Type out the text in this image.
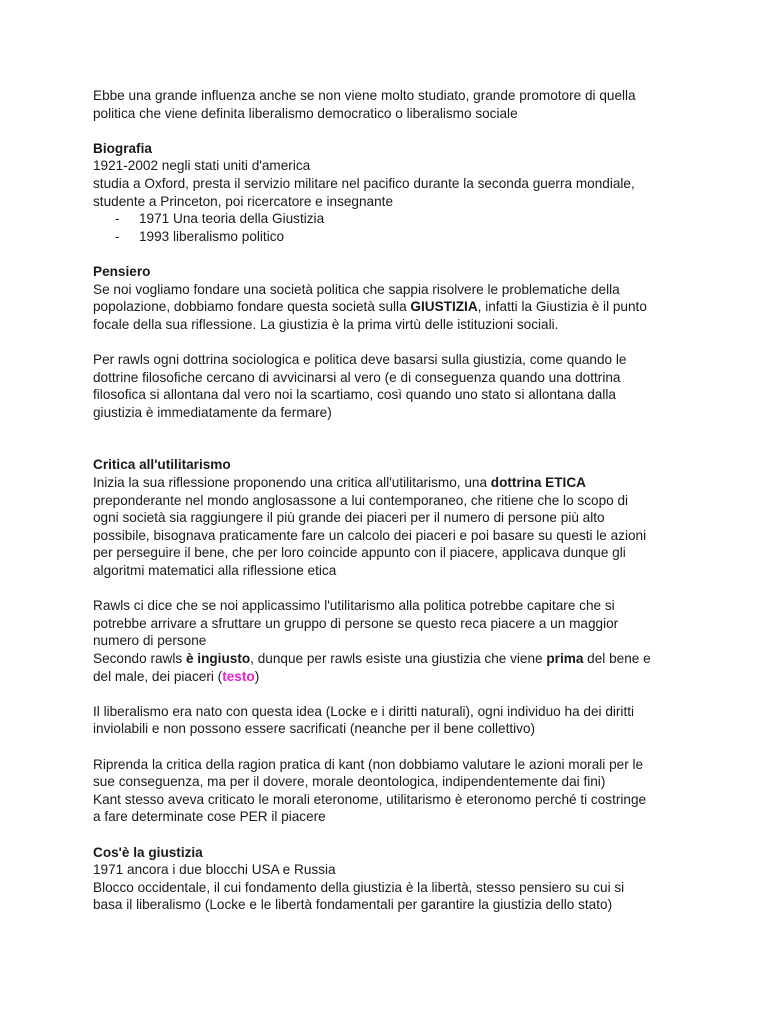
Ebbe una grande influenza anche se non viene molto studiato, grande promotore di quella

politica che viene definita liberalismo democratico o liberalismo sociale

Biografia

1921-2002 negli stati uniti d'america

studia a Oxford, presta il servizio militare nel pacifico durante la seconda guerra mondiale,

studente a Princeton, poi ricercatore e insegnante

- 1971 Una teoria della Giustizia
- 1993 liberalismo politico

Pensiero

Se noi vogliamo fondare una società politica che sappia risolvere le problematiche della

popolazione, dobbiamo fondare questa società sulla GIUSTIZIA, infatti la Giustizia è il punto

focale della sua riflessione. La giustizia è la prima virtù delle istituzioni sociali.

Per rawls ogni dottrina sociologica e politica deve basarsi sulla giustizia, come quando le

dottrine filosofiche cercano di avvicinarsi al vero (e di conseguenza quando una dottrina

filosofica si allontana dal vero noi la scartiamo, così quando uno stato si allontana dalla

giustizia è immediatamente da fermare)

Critica all'utilitarismo

Inizia la sua riflessione proponendo una critica all'utilitarismo, una dottrina ETICA

preponderante nel mondo anglosassone a lui contemporaneo, che ritiene che lo scopo di

ogni società sia raggiungere il più grande dei piaceri per il numero di persone più alto

possibile, bisognava praticamente fare un calcolo dei piaceri e poi basare su questi le azioni

per perseguire il bene, che per loro coincide appunto con il piacere, applicava dunque gli

algoritmi matematici alla riflessione etica

Rawls ci dice che se noi applicassimo l'utilitarismo alla politica potrebbe capitare che si

potrebbe arrivare a sfruttare un gruppo di persone se questo reca piacere a un maggior

numero di persone

Secondo rawls è ingiusto, dunque per rawls esiste una giustizia che viene prima del bene e

del male, dei piaceri (testo)

Il liberalismo era nato con questa idea (Locke e i diritti naturali), ogni individuo ha dei diritti

inviolabili e non possono essere sacrificati (neanche per il bene collettivo)

Riprenda la critica della ragion pratica di kant (non dobbiamo valutare le azioni morali per le

sue conseguenza, ma per il dovere, morale deontologica, indipendentemente dai fini)

Kant stesso aveva criticato le morali eteronome, utilitarismo è eteronomo perché ti costringe

a fare determinate cose PER il piacere

Cos'è la giustizia

1971 ancora i due blocchi USA e Russia

Blocco occidentale, il cui fondamento della giustizia è la libertà, stesso pensiero su cui si

basa il liberalismo (Locke e le libertà fondamentali per garantire la giustizia dello stato)
